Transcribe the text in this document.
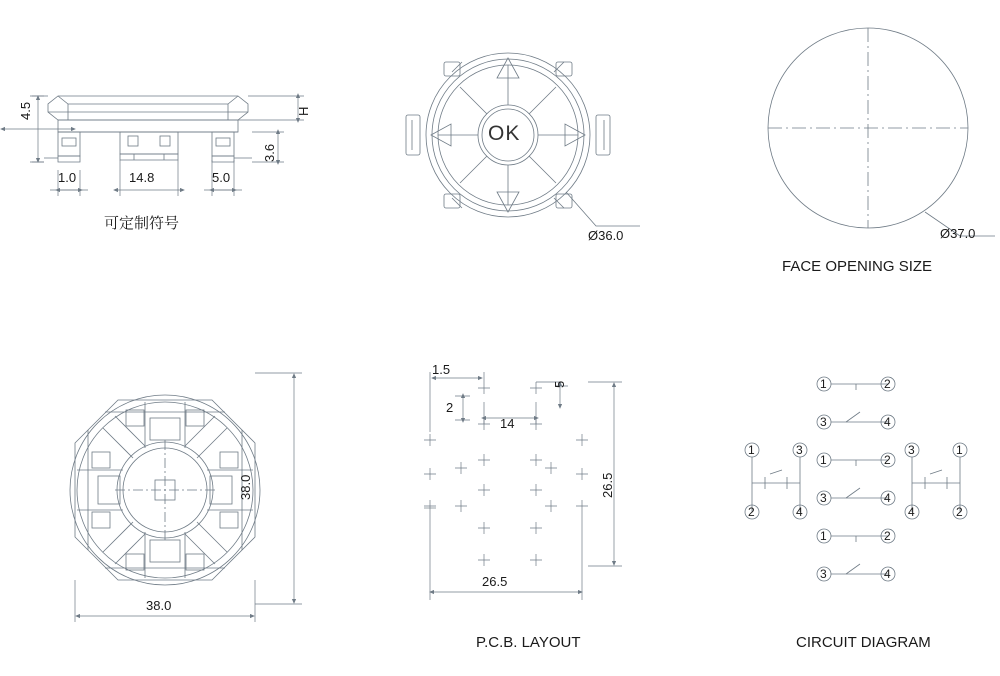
4.5
1.0	14.8	5.0
H
3.6
可定制符号
OK
Ø36.0	Ø37.0
FACE OPENING SIZE
38.0
38.0
1.5
2
14
5
26.5
26.5
P.C.B. LAYOUT
1	2
3	4
1	3
2	4
1	2
3	4
3	1
4	2
1	2
3	4
CIRCUIT DIAGRAM
